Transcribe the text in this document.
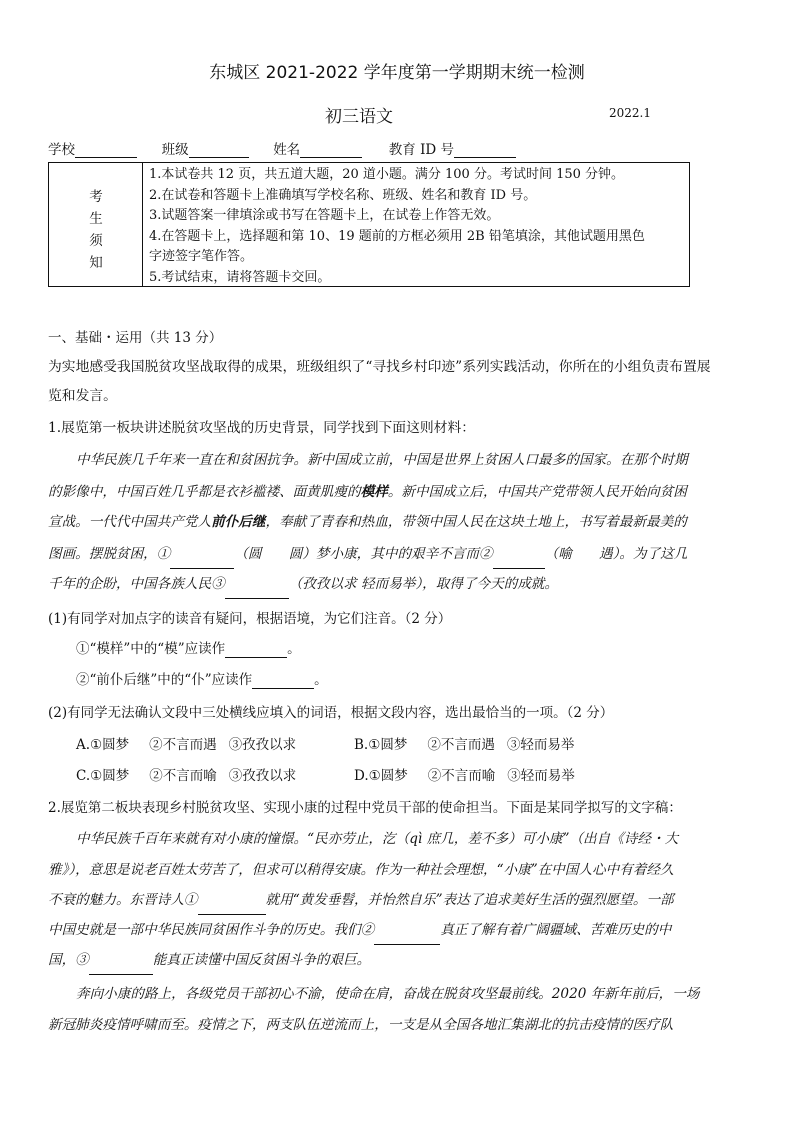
东城区 2021-2022 学年度第一学期期末统一检测
初三语文	2022.1
学校	班级	姓名	教育 ID 号
考
生
须
知
1.本试卷共 12 页，共五道大题，20 道小题。满分 100 分。考试时间 150 分钟。
2.在试卷和答题卡上准确填写学校名称、班级、姓名和教育 ID 号。
3.试题答案一律填涂或书写在答题卡上，在试卷上作答无效。
4.在答题卡上，选择题和第 10、19 题前的方框必须用 2B 铅笔填涂，其他试题用黑色
字迹签字笔作答。
5.考试结束，请将答题卡交回。
一、基础・运用（共 13 分）
为实地感受我国脱贫攻坚战取得的成果，班级组织了“寻找乡村印迹”系列实践活动，你所在的小组负责布置展
览和发言。
1.展览第一板块讲述脱贫攻坚战的历史背景，同学找到下面这则材料：
中华民族几千年来一直在和贫困抗争。新中国成立前，中国是世界上贫困人口最多的国家。在那个时期
的影像中，中国百姓几乎都是衣衫褴褛、面黄肌瘦的模样。新中国成立后，中国共产党带领人民开始向贫困
宣战。一代代中国共产党人前仆后继，奉献了青春和热血，带领中国人民在这块土地上，书写着最新最美的
图画。摆脱贫困，①	（圆　　圆）梦小康，其中的艰辛不言而②	（喻　　遇）。为了这几
千年的企盼，中国各族人民③	（孜孜以求 轻而易举），取得了今天的成就。
(1)有同学对加点字的读音有疑问，根据语境，为它们注音。（2 分）
①“模样”中的“模”应读作	。
②“前仆后继”中的“仆”应读作	。
(2)有同学无法确认文段中三处横线应填入的词语，根据文段内容，选出最恰当的一项。（2 分）
A.①圆梦 ②不言而遇 ③孜孜以求	B.①圆梦 ②不言而遇 ③轻而易举
C.①圆梦 ②不言而喻 ③孜孜以求	D.①圆梦 ②不言而喻 ③轻而易举
2.展览第二板块表现乡村脱贫攻坚、实现小康的过程中党员干部的使命担当。下面是某同学拟写的文字稿：
中华民族千百年来就有对小康的憧憬。“民亦劳止，汔（qì 庶几，差不多）可小康”（出自《诗经・大
雅》），意思是说老百姓太劳苦了，但求可以稍得安康。作为一种社会理想，“小康”在中国人心中有着经久
不衰的魅力。东晋诗人①	就用“黄发垂髫，并怡然自乐”表达了追求美好生活的强烈愿望。一部
中国史就是一部中华民族同贫困作斗争的历史。我们②	真正了解有着广阔疆域、苦难历史的中
国，③	能真正读懂中国反贫困斗争的艰巨。
奔向小康的路上，各级党员干部初心不渝，使命在肩，奋战在脱贫攻坚最前线。2020 年新年前后，一场
新冠肺炎疫情呼啸而至。疫情之下，两支队伍逆流而上，一支是从全国各地汇集湖北的抗击疫情的医疗队
